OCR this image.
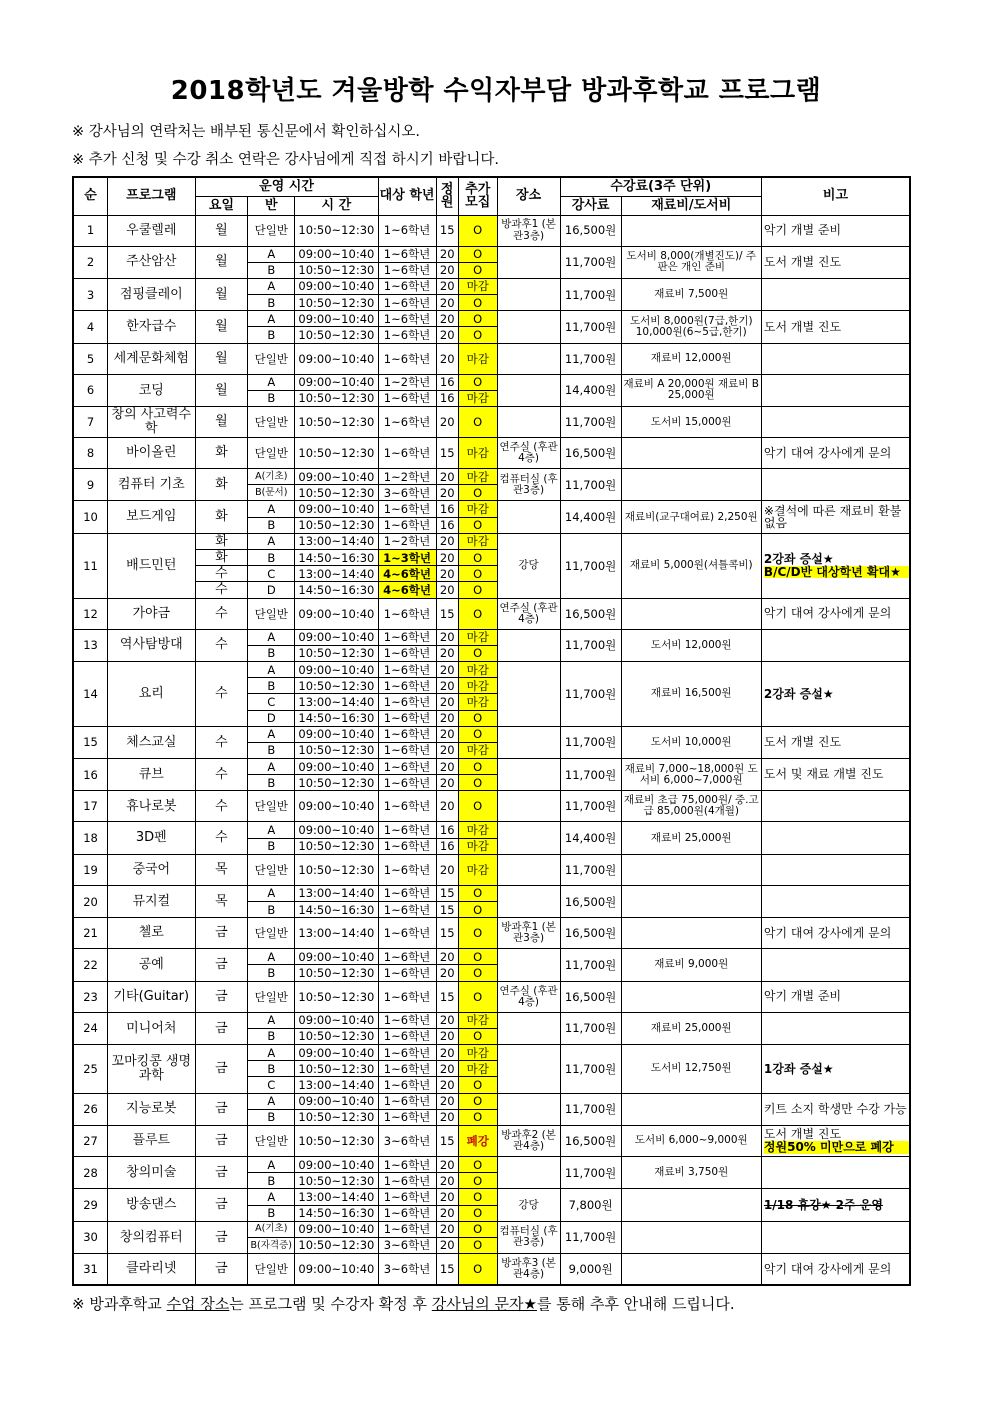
2018학년도 겨울방학 수익자부담 방과후학교 프로그램
※ 강사님의 연락처는 배부된 통신문에서 확인하십시오.
※ 추가 신청 및 수강 취소 연락은 강사님에게 직접 하시기 바랍니다.
순	프로그램	운영 시간			대상 학년	정원	추가 모집	장소	수강료(3주 단위)		비고
		요일	반	시 간					강사료	재료비/도서비	
1	우쿨렐레	월	단일반	10:50~12:30	1~6학년	15	O	방과후1 (본관3층)	16,500원		악기 개별 준비
2	주산암산	월	A	09:00~10:40	1~6학년	20	O		11,700원	도서비 8,000(개별진도)/ 주판은 개인 준비	도서 개별 진도
			B	10:50~12:30	1~6학년	20	O				
3	점핑클레이	월	A	09:00~10:40	1~6학년	20	마감		11,700원	재료비 7,500원	
			B	10:50~12:30	1~6학년	20	O				
4	한자급수	월	A	09:00~10:40	1~6학년	20	O		11,700원	도서비 8,000원(7급,한기) 10,000원(6~5급,한기)	도서 개별 진도
			B	10:50~12:30	1~6학년	20	O				
5	세계문화체험	월	단일반	09:00~10:40	1~6학년	20	마감		11,700원	재료비 12,000원	
6	코딩	월	A	09:00~10:40	1~2학년	16	O		14,400원	재료비 A 20,000원 재료비 B 25,000원	
			B	10:50~12:30	1~6학년	16	마감				
7	창의 사고력수학	월	단일반	10:50~12:30	1~6학년	20	O		11,700원	도서비 15,000원	
8	바이올린	화	단일반	10:50~12:30	1~6학년	15	마감	연주실 (후관4층)	16,500원		악기 대여 강사에게 문의
9	컴퓨터 기초	화	A(기초)	09:00~10:40	1~2학년	20	마감	컴퓨터실 (후관3층)	11,700원		
			B(문서)	10:50~12:30	3~6학년	20	O				
10	보드게임	화	A	09:00~10:40	1~6학년	16	마감		14,400원	재료비(교구대여료) 2,250원	※결석에 따른 재료비 환불 없음
			B	10:50~12:30	1~6학년	16	O				
11	배드민턴	화	A	13:00~14:40	1~2학년	20	마감	강당	11,700원	재료비 5,000원(셔틀콕비)	2강좌 증설★
B/C/D반 대상학년 확대★

		화	B	14:50~16:30	1~3학년	20	O				
		수	C	13:00~14:40	4~6학년	20	O				
		수	D	14:50~16:30	4~6학년	20	O				
12	가야금	수	단일반	09:00~10:40	1~6학년	15	O	연주실 (후관4층)	16,500원		악기 대여 강사에게 문의
13	역사탐방대	수	A	09:00~10:40	1~6학년	20	마감		11,700원	도서비 12,000원	
			B	10:50~12:30	1~6학년	20	O				
14	요리	수	A	09:00~10:40	1~6학년	20	마감		11,700원	재료비 16,500원	2강좌 증설★
			B	10:50~12:30	1~6학년	20	마감				
			C	13:00~14:40	1~6학년	20	마감				
			D	14:50~16:30	1~6학년	20	O				
15	체스교실	수	A	09:00~10:40	1~6학년	20	O		11,700원	도서비 10,000원	도서 개별 진도
			B	10:50~12:30	1~6학년	20	마감				
16	큐브	수	A	09:00~10:40	1~6학년	20	O		11,700원	재료비 7,000~18,000원 도서비 6,000~7,000원	도서 및 재료 개별 진도
			B	10:50~12:30	1~6학년	20	O				
17	휴나로봇	수	단일반	09:00~10:40	1~6학년	20	O		11,700원	재료비 초급 75,000원/ 중.고급 85,000원(4개월)	
18	3D펜	수	A	09:00~10:40	1~6학년	16	마감		14,400원	재료비 25,000원	
			B	10:50~12:30	1~6학년	16	마감				
19	중국어	목	단일반	10:50~12:30	1~6학년	20	마감		11,700원		
20	뮤지컬	목	A	13:00~14:40	1~6학년	15	O		16,500원		
			B	14:50~16:30	1~6학년	15	O				
21	첼로	금	단일반	13:00~14:40	1~6학년	15	O	방과후1 (본관3층)	16,500원		악기 대여 강사에게 문의
22	공예	금	A	09:00~10:40	1~6학년	20	O		11,700원	재료비 9,000원	
			B	10:50~12:30	1~6학년	20	O				
23	기타(Guitar)	금	단일반	10:50~12:30	1~6학년	15	O	연주실 (후관4층)	16,500원		악기 개별 준비
24	미니어처	금	A	09:00~10:40	1~6학년	20	마감		11,700원	재료비 25,000원	
			B	10:50~12:30	1~6학년	20	O				
25	꼬마킹콩 생명과학	금	A	09:00~10:40	1~6학년	20	마감		11,700원	도서비 12,750원	1강좌 증설★
			B	10:50~12:30	1~6학년	20	마감				
			C	13:00~14:40	1~6학년	20	O				
26	지능로봇	금	A	09:00~10:40	1~6학년	20	O		11,700원		키트 소지 학생만 수강 가능
			B	10:50~12:30	1~6학년	20	O				
27	플루트	금	단일반	10:50~12:30	3~6학년	15	폐강	방과후2 (본관4층)	16,500원	도서비 6,000~9,000원	도서 개별 진도
정원50% 미만으로 폐강

28	창의미술	금	A	09:00~10:40	1~6학년	20	O		11,700원	재료비 3,750원	
			B	10:50~12:30	1~6학년	20	O				
29	방송댄스	금	A	13:00~14:40	1~6학년	20	O	강당	7,800원		1/18 휴강★ 2주 운영
			B	14:50~16:30	1~6학년	20	O				
30	창의컴퓨터	금	A(기초)	09:00~10:40	1~6학년	20	O	컴퓨터실 (후관3층)	11,700원		
			B(자격증)	10:50~12:30	3~6학년	20	O				
31	클라리넷	금	단일반	09:00~10:40	3~6학년	15	O	방과후3 (본관4층)	9,000원		악기 대여 강사에게 문의
※ 방과후학교 수업 장소는 프로그램 및 수강자 확정 후 강사님의 문자★를 통해 추후 안내해 드립니다.
